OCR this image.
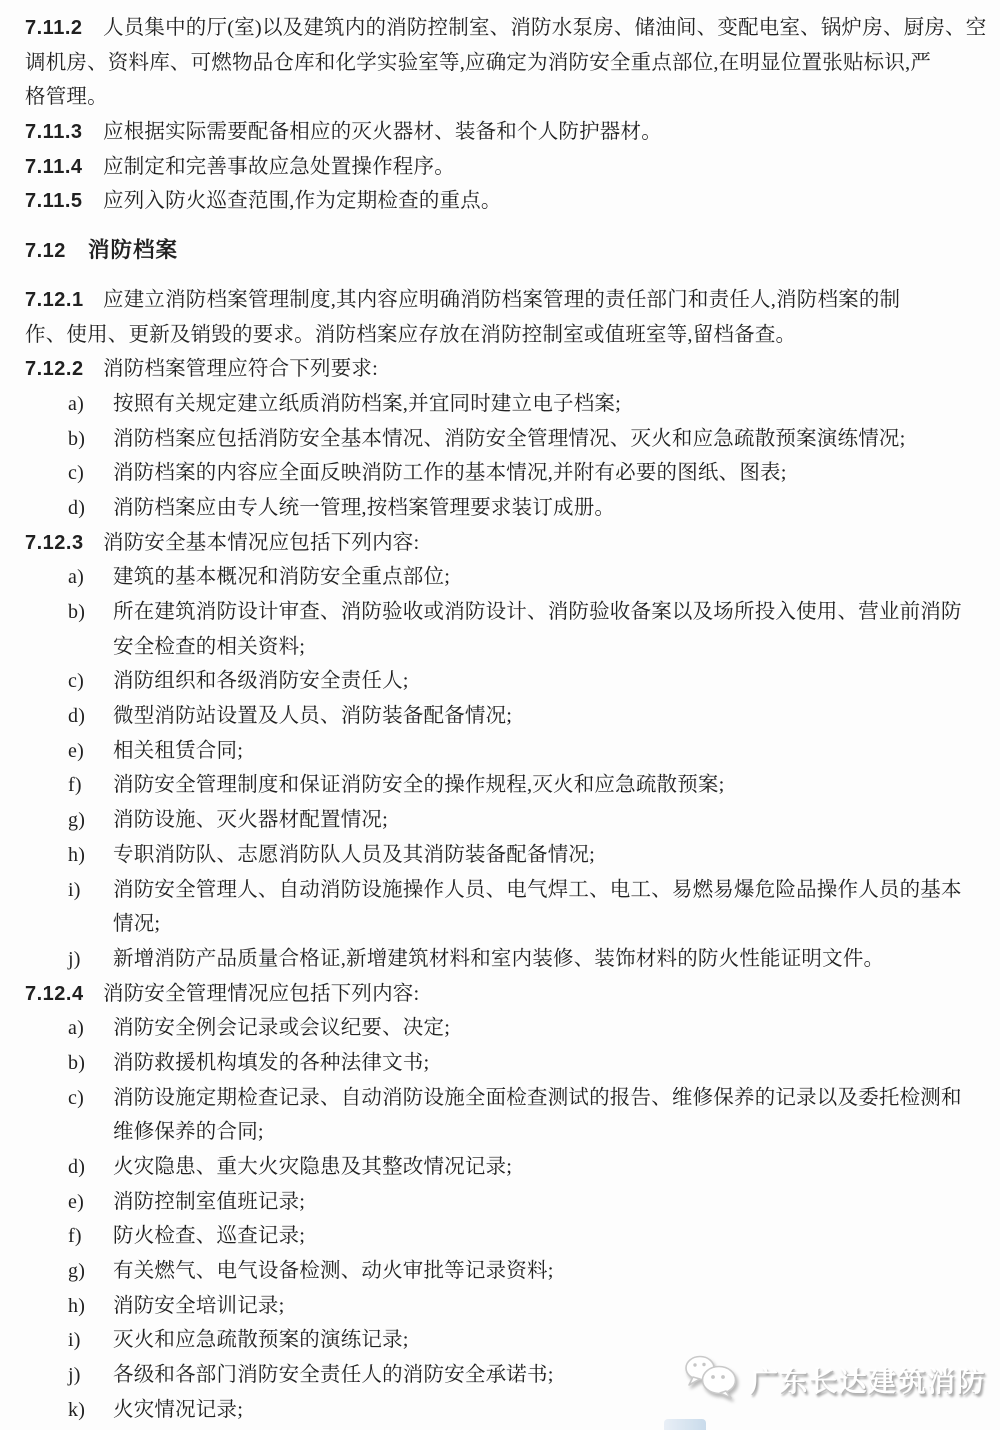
7.11.2 人员集中的厅(室)以及建筑内的消防控制室、消防水泵房、储油间、变配电室、锅炉房、厨房、空
调机房、资料库、可燃物品仓库和化学实验室等,应确定为消防安全重点部位,在明显位置张贴标识,严
格管理。
7.11.3 应根据实际需要配备相应的灭火器材、装备和个人防护器材。
7.11.4 应制定和完善事故应急处置操作程序。
7.11.5 应列入防火巡查范围,作为定期检查的重点。
7.12 消防档案
7.12.1 应建立消防档案管理制度,其内容应明确消防档案管理的责任部门和责任人,消防档案的制
作、使用、更新及销毁的要求。消防档案应存放在消防控制室或值班室等,留档备查。
7.12.2 消防档案管理应符合下列要求:
a) 按照有关规定建立纸质消防档案,并宜同时建立电子档案;
b) 消防档案应包括消防安全基本情况、消防安全管理情况、灭火和应急疏散预案演练情况;
c) 消防档案的内容应全面反映消防工作的基本情况,并附有必要的图纸、图表;
d) 消防档案应由专人统一管理,按档案管理要求装订成册。
7.12.3 消防安全基本情况应包括下列内容:
a) 建筑的基本概况和消防安全重点部位;
b) 所在建筑消防设计审查、消防验收或消防设计、消防验收备案以及场所投入使用、营业前消防
安全检查的相关资料;
c) 消防组织和各级消防安全责任人;
d) 微型消防站设置及人员、消防装备配备情况;
e) 相关租赁合同;
f) 消防安全管理制度和保证消防安全的操作规程,灭火和应急疏散预案;
g) 消防设施、灭火器材配置情况;
h) 专职消防队、志愿消防队人员及其消防装备配备情况;
i) 消防安全管理人、自动消防设施操作人员、电气焊工、电工、易燃易爆危险品操作人员的基本
情况;
j) 新增消防产品质量合格证,新增建筑材料和室内装修、装饰材料的防火性能证明文件。
7.12.4 消防安全管理情况应包括下列内容:
a) 消防安全例会记录或会议纪要、决定;
b) 消防救援机构填发的各种法律文书;
c) 消防设施定期检查记录、自动消防设施全面检查测试的报告、维修保养的记录以及委托检测和
维修保养的合同;
d) 火灾隐患、重大火灾隐患及其整改情况记录;
e) 消防控制室值班记录;
f) 防火检查、巡查记录;
g) 有关燃气、电气设备检测、动火审批等记录资料;
h) 消防安全培训记录;
i) 灭火和应急疏散预案的演练记录;
j) 各级和各部门消防安全责任人的消防安全承诺书;
k) 火灾情况记录;
广东长达建筑消防
